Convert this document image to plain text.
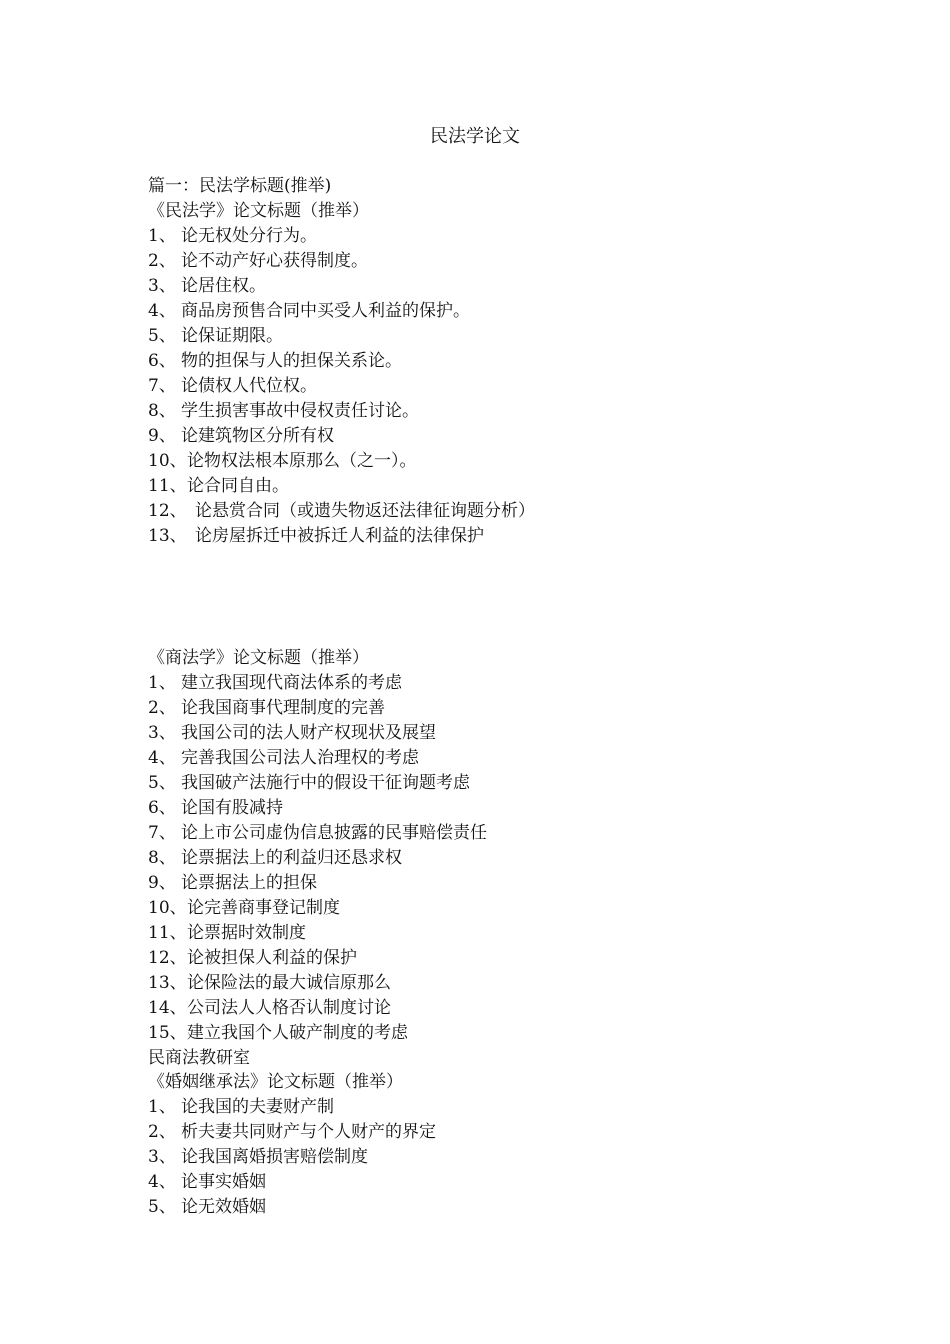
民法学论文
篇一：民法学标题(推举)
《民法学》论文标题（推举）
1、 论无权处分行为。
2、 论不动产好心获得制度。
3、 论居住权。
4、 商品房预售合同中买受人利益的保护。
5、 论保证期限。
6、 物的担保与人的担保关系论。
7、 论债权人代位权。
8、 学生损害事故中侵权责任讨论。
9、 论建筑物区分所有权
10、论物权法根本原那么（之一）。
11、论合同自由。
12、 论悬赏合同（或遗失物返还法律征询题分析）
13、 论房屋拆迁中被拆迁人利益的法律保护
《商法学》论文标题（推举）
1、 建立我国现代商法体系的考虑
2、 论我国商事代理制度的完善
3、 我国公司的法人财产权现状及展望
4、 完善我国公司法人治理权的考虑
5、 我国破产法施行中的假设干征询题考虑
6、 论国有股减持
7、 论上市公司虚伪信息披露的民事赔偿责任
8、 论票据法上的利益归还恳求权
9、 论票据法上的担保
10、论完善商事登记制度
11、论票据时效制度
12、论被担保人利益的保护
13、论保险法的最大诚信原那么
14、公司法人人格否认制度讨论
15、建立我国个人破产制度的考虑
民商法教研室
《婚姻继承法》论文标题（推举）
1、 论我国的夫妻财产制
2、 析夫妻共同财产与个人财产的界定
3、 论我国离婚损害赔偿制度
4、 论事实婚姻
5、 论无效婚姻
